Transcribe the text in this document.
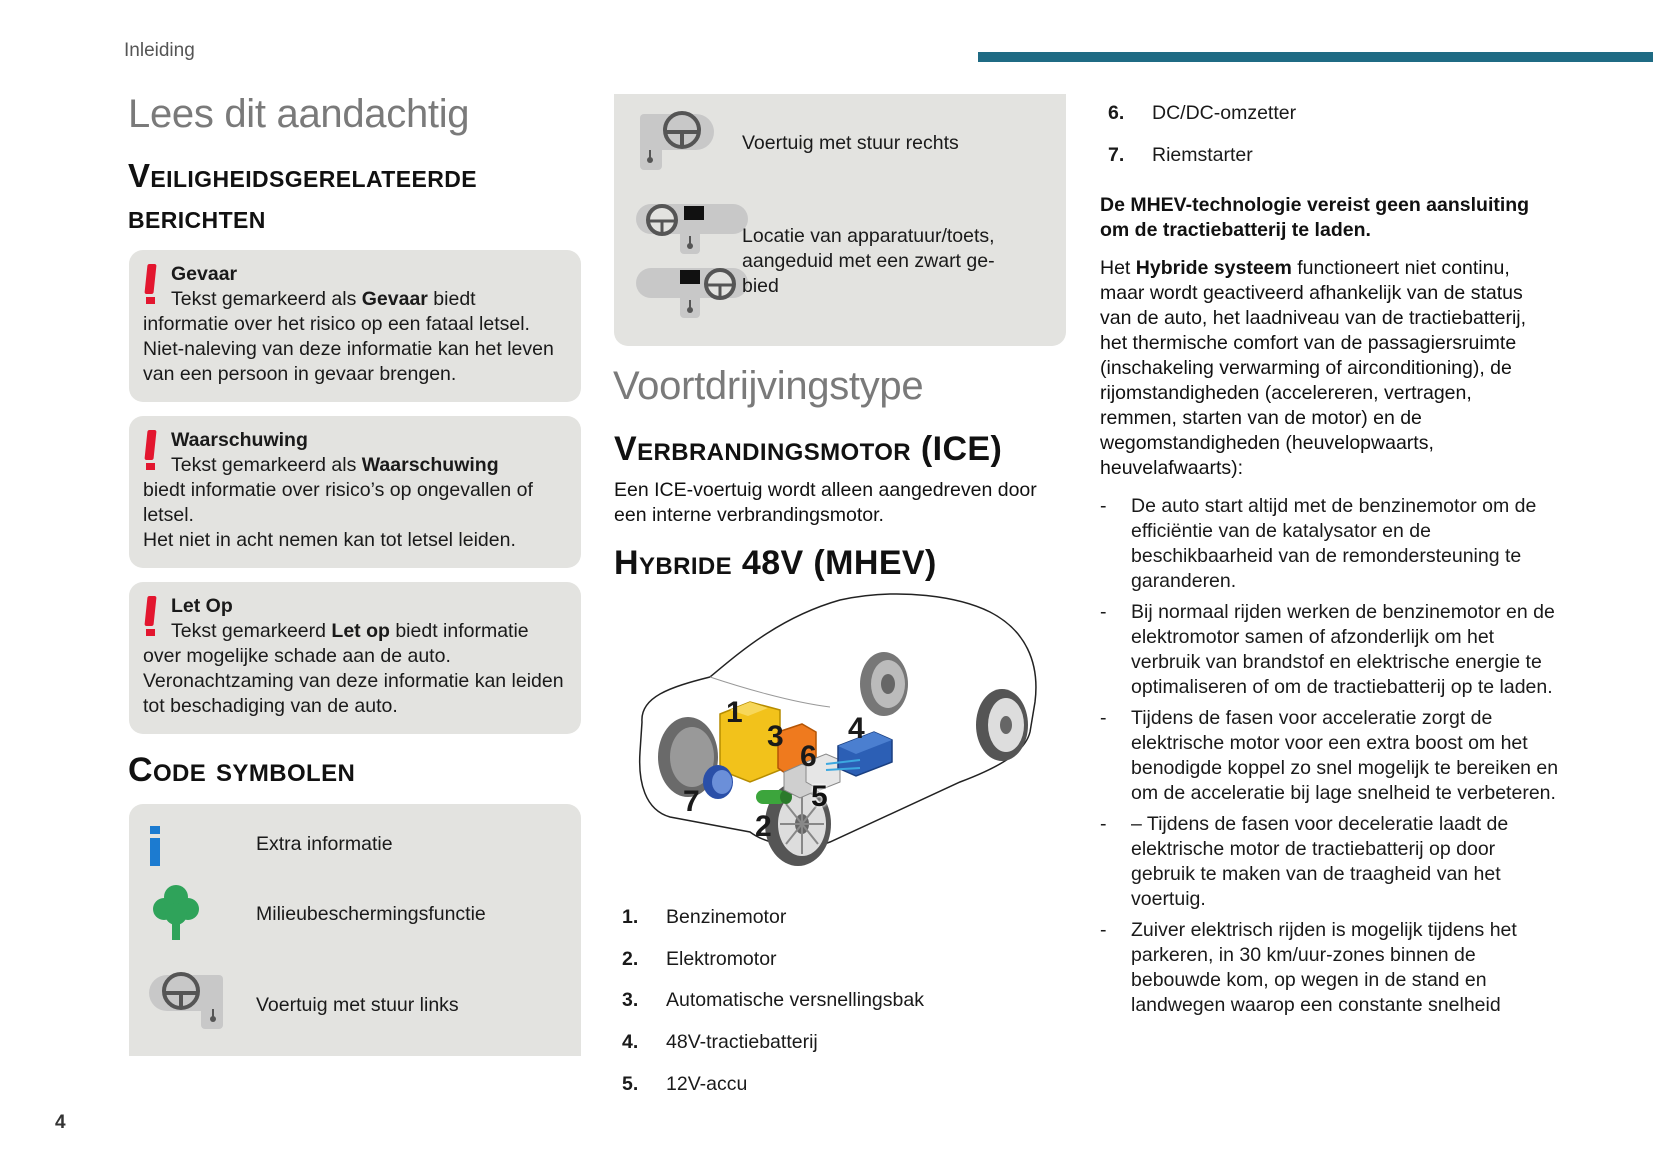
Inleiding
Lees dit aandachtig
Veiligheidsgerelateerde berichten
Gevaar
Tekst gemarkeerd als Gevaar biedt
informatie over het risico op een fataal letsel. Niet-naleving van deze informatie kan het leven van een persoon in gevaar brengen.
Waarschuwing
Tekst gemarkeerd als Waarschuwing
biedt informatie over risico’s op ongevallen of letsel.
Het niet in acht nemen kan tot letsel leiden.
Let Op
Tekst gemarkeerd Let op biedt informatie
over mogelijke schade aan de auto. Veronachtzaming van deze informatie kan leiden tot beschadiging van de auto.
Code symbolen
Extra informatie
Milieubeschermingsfunctie
Voertuig met stuur links
Voertuig met stuur rechts
Locatie van apparatuur/toets, aangeduid met een zwart ge-bied
Voortdrijvingstype
Verbrandingsmotor (ICE)
Een ICE-voertuig wordt alleen aangedreven door een interne verbrandingsmotor.
Hybride 48V (MHEV)
1
2
3 4
5
6
7
1. Benzinemotor
2. Elektromotor
3. Automatische versnellingsbak
4. 48V-tractiebatterij
5. 12V-accu
6. DC/DC-omzetter
7. Riemstarter
De MHEV-technologie vereist geen aansluiting om de tractiebatterij te laden.
Het Hybride systeem functioneert niet continu, maar wordt geactiveerd afhankelijk van de status van de auto, het laadniveau van de tractiebatterij, het thermische comfort van de passagiersruimte (inschakeling verwarming of airconditioning), de rijomstandigheden (accelereren, vertragen, remmen, starten van de motor) en de wegomstandigheden (heuvelopwaarts, heuvelafwaarts):
- De auto start altijd met de benzinemotor om de efficiëntie van de katalysator en de beschikbaarheid van de remondersteuning te garanderen.
- Bij normaal rijden werken de benzinemotor en de elektromotor samen of afzonderlijk om het verbruik van brandstof en elektrische energie te optimaliseren of om de tractiebatterij op te laden.
- Tijdens de fasen voor acceleratie zorgt de elektrische motor voor een extra boost om het benodigde koppel zo snel mogelijk te bereiken en om de acceleratie bij lage snelheid te verbeteren.
- – Tijdens de fasen voor deceleratie laadt de elektrische motor de tractiebatterij op door gebruik te maken van de traagheid van het voertuig.
- Zuiver elektrisch rijden is mogelijk tijdens het parkeren, in 30 km/uur-zones binnen de bebouwde kom, op wegen in de stand en landwegen waarop een constante snelheid
4
